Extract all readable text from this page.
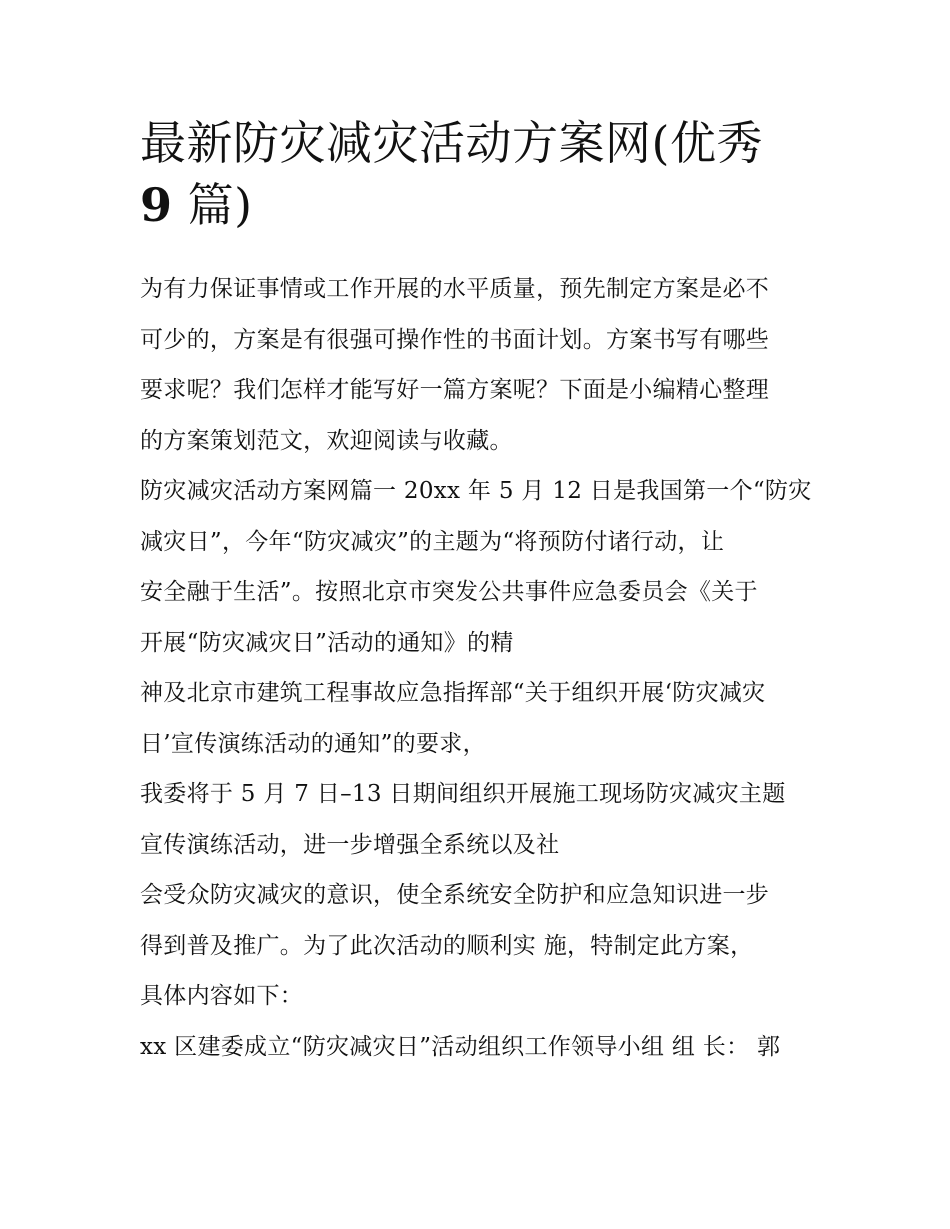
最新防灾减灾活动方案网(优秀
9 篇)
为有力保证事情或工作开展的水平质量，预先制定方案是必不
可少的，方案是有很强可操作性的书面计划。方案书写有哪些
要求呢？我们怎样才能写好一篇方案呢？下面是小编精心整理
的方案策划范文，欢迎阅读与收藏。
防灾减灾活动方案网篇一 20xx 年 5 月 12 日是我国第一个“防灾
减灾日”，今年“防灾减灾”的主题为“将预防付诸行动，让
安全融于生活”。按照北京市突发公共事件应急委员会《关于
开展“防灾减灾日”活动的通知》的精
神及北京市建筑工程事故应急指挥部“关于组织开展‘防灾减灾
日’宣传演练活动的通知”的要求，
我委将于 5 月 7 日–13 日期间组织开展施工现场防灾减灾主题
宣传演练活动，进一步增强全系统以及社
会受众防灾减灾的意识，使全系统安全防护和应急知识进一步
得到普及推广。为了此次活动的顺利实 施，特制定此方案，
具体内容如下：
xx 区建委成立“防灾减灾日”活动组织工作领导小组 组 长： 郭
